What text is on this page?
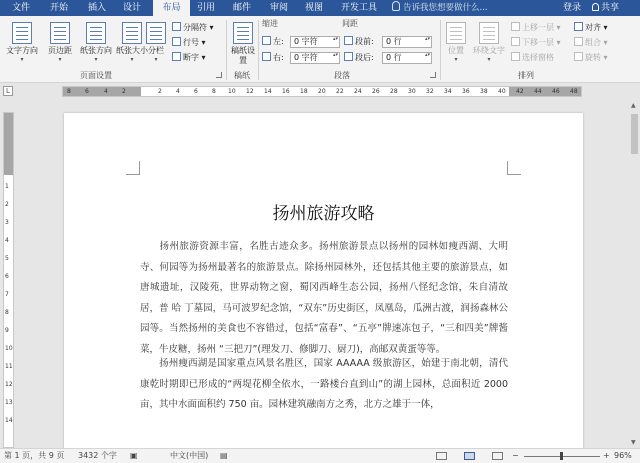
文件	开始	插入	设计	布局	引用	邮件	审阅	视图	开发工具	告诉我您想要做什么...	登录	共享
文字方向
▾
页边距
▾
纸张方向
▾
纸张大小
▾
分栏
▾
分隔符 ▾
行号 ▾
断字 ▾
页面设置
稿纸设置
稿纸
缩进	间距
左:	0 字符 ▴▾
右:	0 字符 ▴▾
段前:	0 行 ▴▾
段后:	0 行 ▴▾
段落
位置
▾
环绕文字
▾
上移一层 ▾
下移一层 ▾
选择窗格
对齐 ▾
组合 ▾
旋转 ▾
排列
L	8 6	4 2	2 4 6 8 10 12 14 16 18 20 22 24 26 28 30 32 34 36 38 40 42 44 46 48
1
2
3
4
5
6
7
8
9
10
11
12
13
14
扬州旅游攻略
  扬州旅游资源丰富，名胜古迹众多。扬州旅游景点以扬州的园林如瘦西湖、大明寺、何园等为扬州最著名的旅游景点。除扬州园林外，还包括其他主要的旅游景点，如唐城遗址，汉陵苑，世界动物之窗，蜀冈西峰生态公园，扬州八怪纪念馆，朱自清故居，普 哈 丁墓园，马可波罗纪念馆，“双东”历史街区，凤凰岛，瓜洲古渡，润扬森林公园等。当然扬州的美食也不容错过，包括“富春”、“五亭”牌速冻包子，“三和四美”牌酱菜，牛皮糖，扬州 “三把刀”(理发刀、修脚刀、厨刀)，高邮双黄蛋等等。
  扬州瘦西湖是国家重点风景名胜区，国家 AAAAA 级旅游区，始建于南北朝，清代康乾时期即已形成的“两堤花柳全依水，一路楼台直到山”的湖上园林，总面积近 2000 亩，其中水面面积约 750 亩。园林建筑融南方之秀，北方之雄于一体，
▲
▼
第 1 页，共 9 页 3432 个字 ▣	中文(中国) ▤	−	+ 96%
